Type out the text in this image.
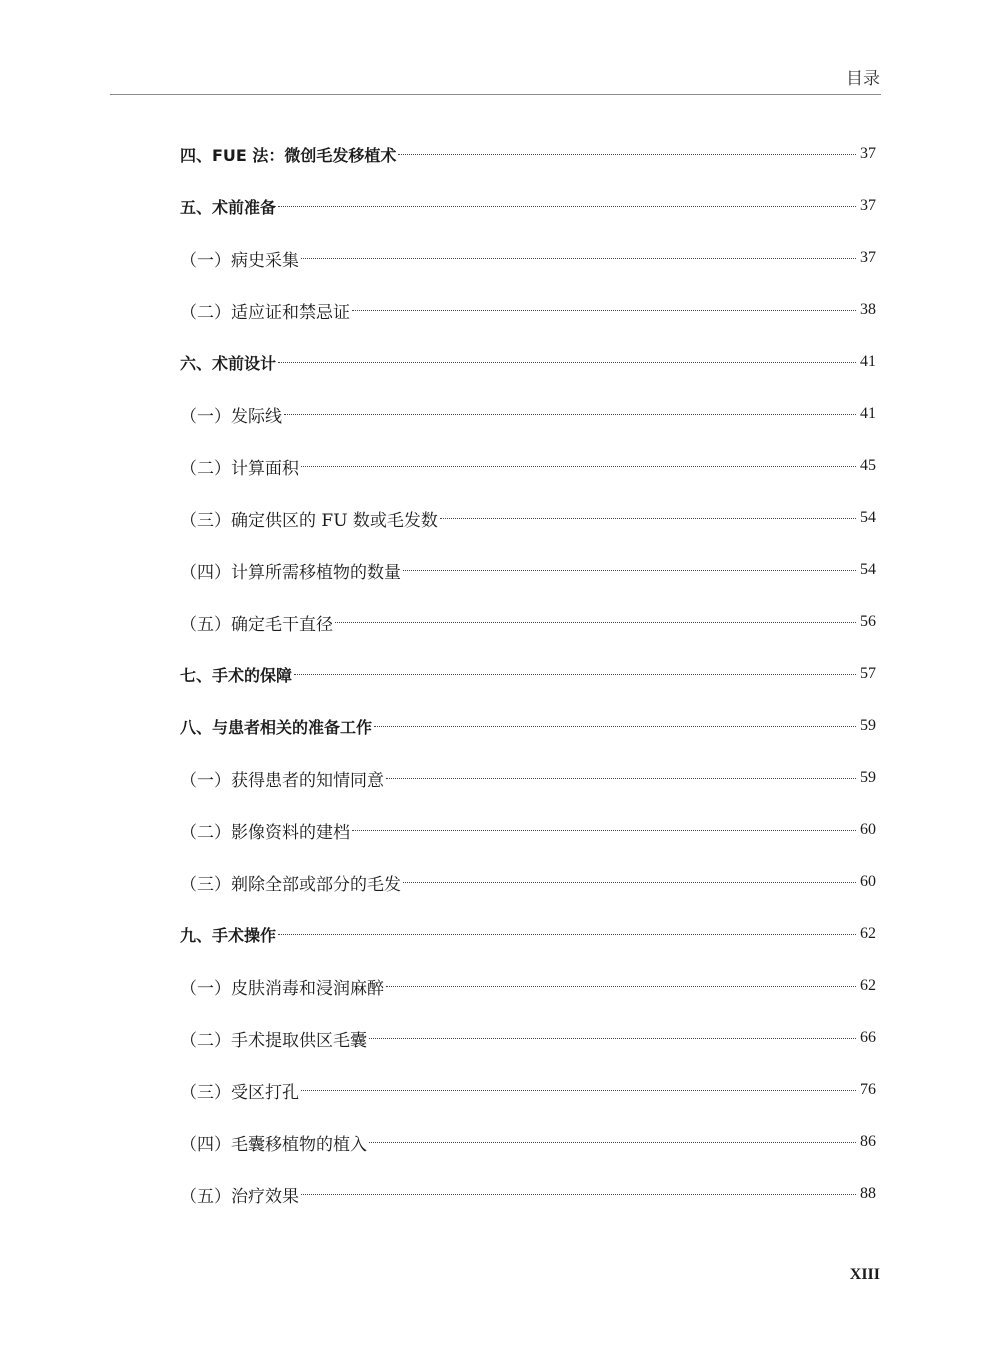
目录
四、FUE 法：微创毛发移植术	37
五、术前准备	37
（一）病史采集	37
（二）适应证和禁忌证	38
六、术前设计	41
（一）发际线	41
（二）计算面积	45
（三）确定供区的 FU 数或毛发数	54
（四）计算所需移植物的数量	54
（五）确定毛干直径	56
七、手术的保障	57
八、与患者相关的准备工作	59
（一）获得患者的知情同意	59
（二）影像资料的建档	60
（三）剃除全部或部分的毛发	60
九、手术操作	62
（一）皮肤消毒和浸润麻醉	62
（二）手术提取供区毛囊	66
（三）受区打孔	76
（四）毛囊移植物的植入	86
（五）治疗效果	88
XIII
